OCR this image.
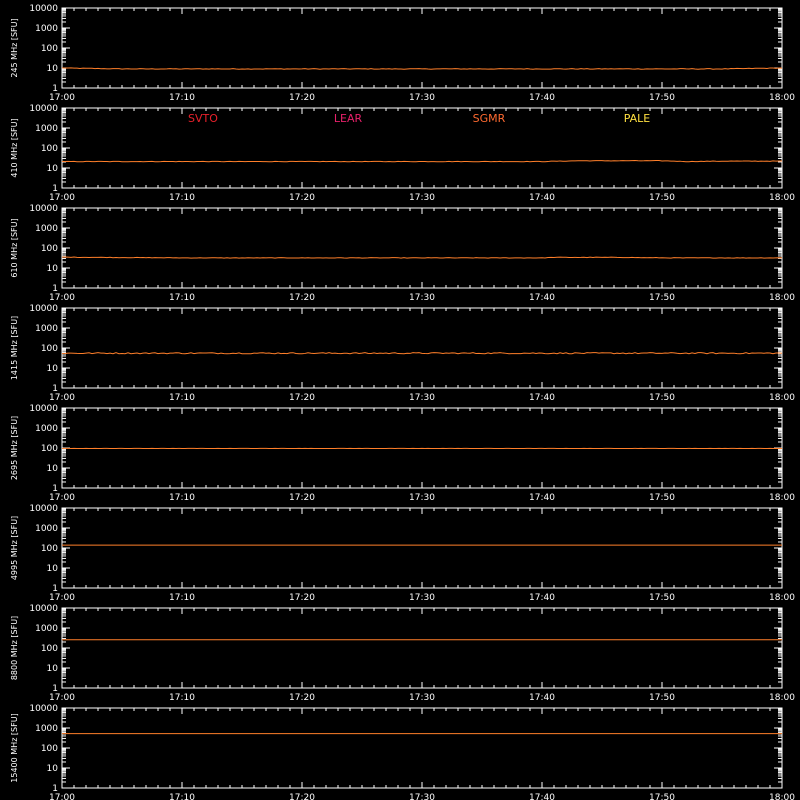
1
10
100
1000
10000
17:00	17:10	17:20	17:30	17:40	17:50	18:00
245 MHz [SFU]
1
10
100
1000
10000
17:00	17:10	17:20	17:30	17:40	17:50	18:00
410 MHz [SFU]
1
10
100
1000
10000
17:00	17:10	17:20	17:30	17:40	17:50	18:00
610 MHz [SFU]
1
10
100
1000
10000
17:00	17:10	17:20	17:30	17:40	17:50	18:00
1415 MHz [SFU]
1
10
100
1000
10000
17:00	17:10	17:20	17:30	17:40	17:50	18:00
2695 MHz [SFU]
1
10
100
1000
10000
17:00	17:10	17:20	17:30	17:40	17:50	18:00
4995 MHz [SFU]
1
10
100
1000
10000
17:00	17:10	17:20	17:30	17:40	17:50	18:00
8800 MHz [SFU]
1
10
100
1000
10000
17:00	17:10	17:20	17:30	17:40	17:50	18:00
15400 MHz [SFU]
SVTO	LEAR	SGMR	PALE
